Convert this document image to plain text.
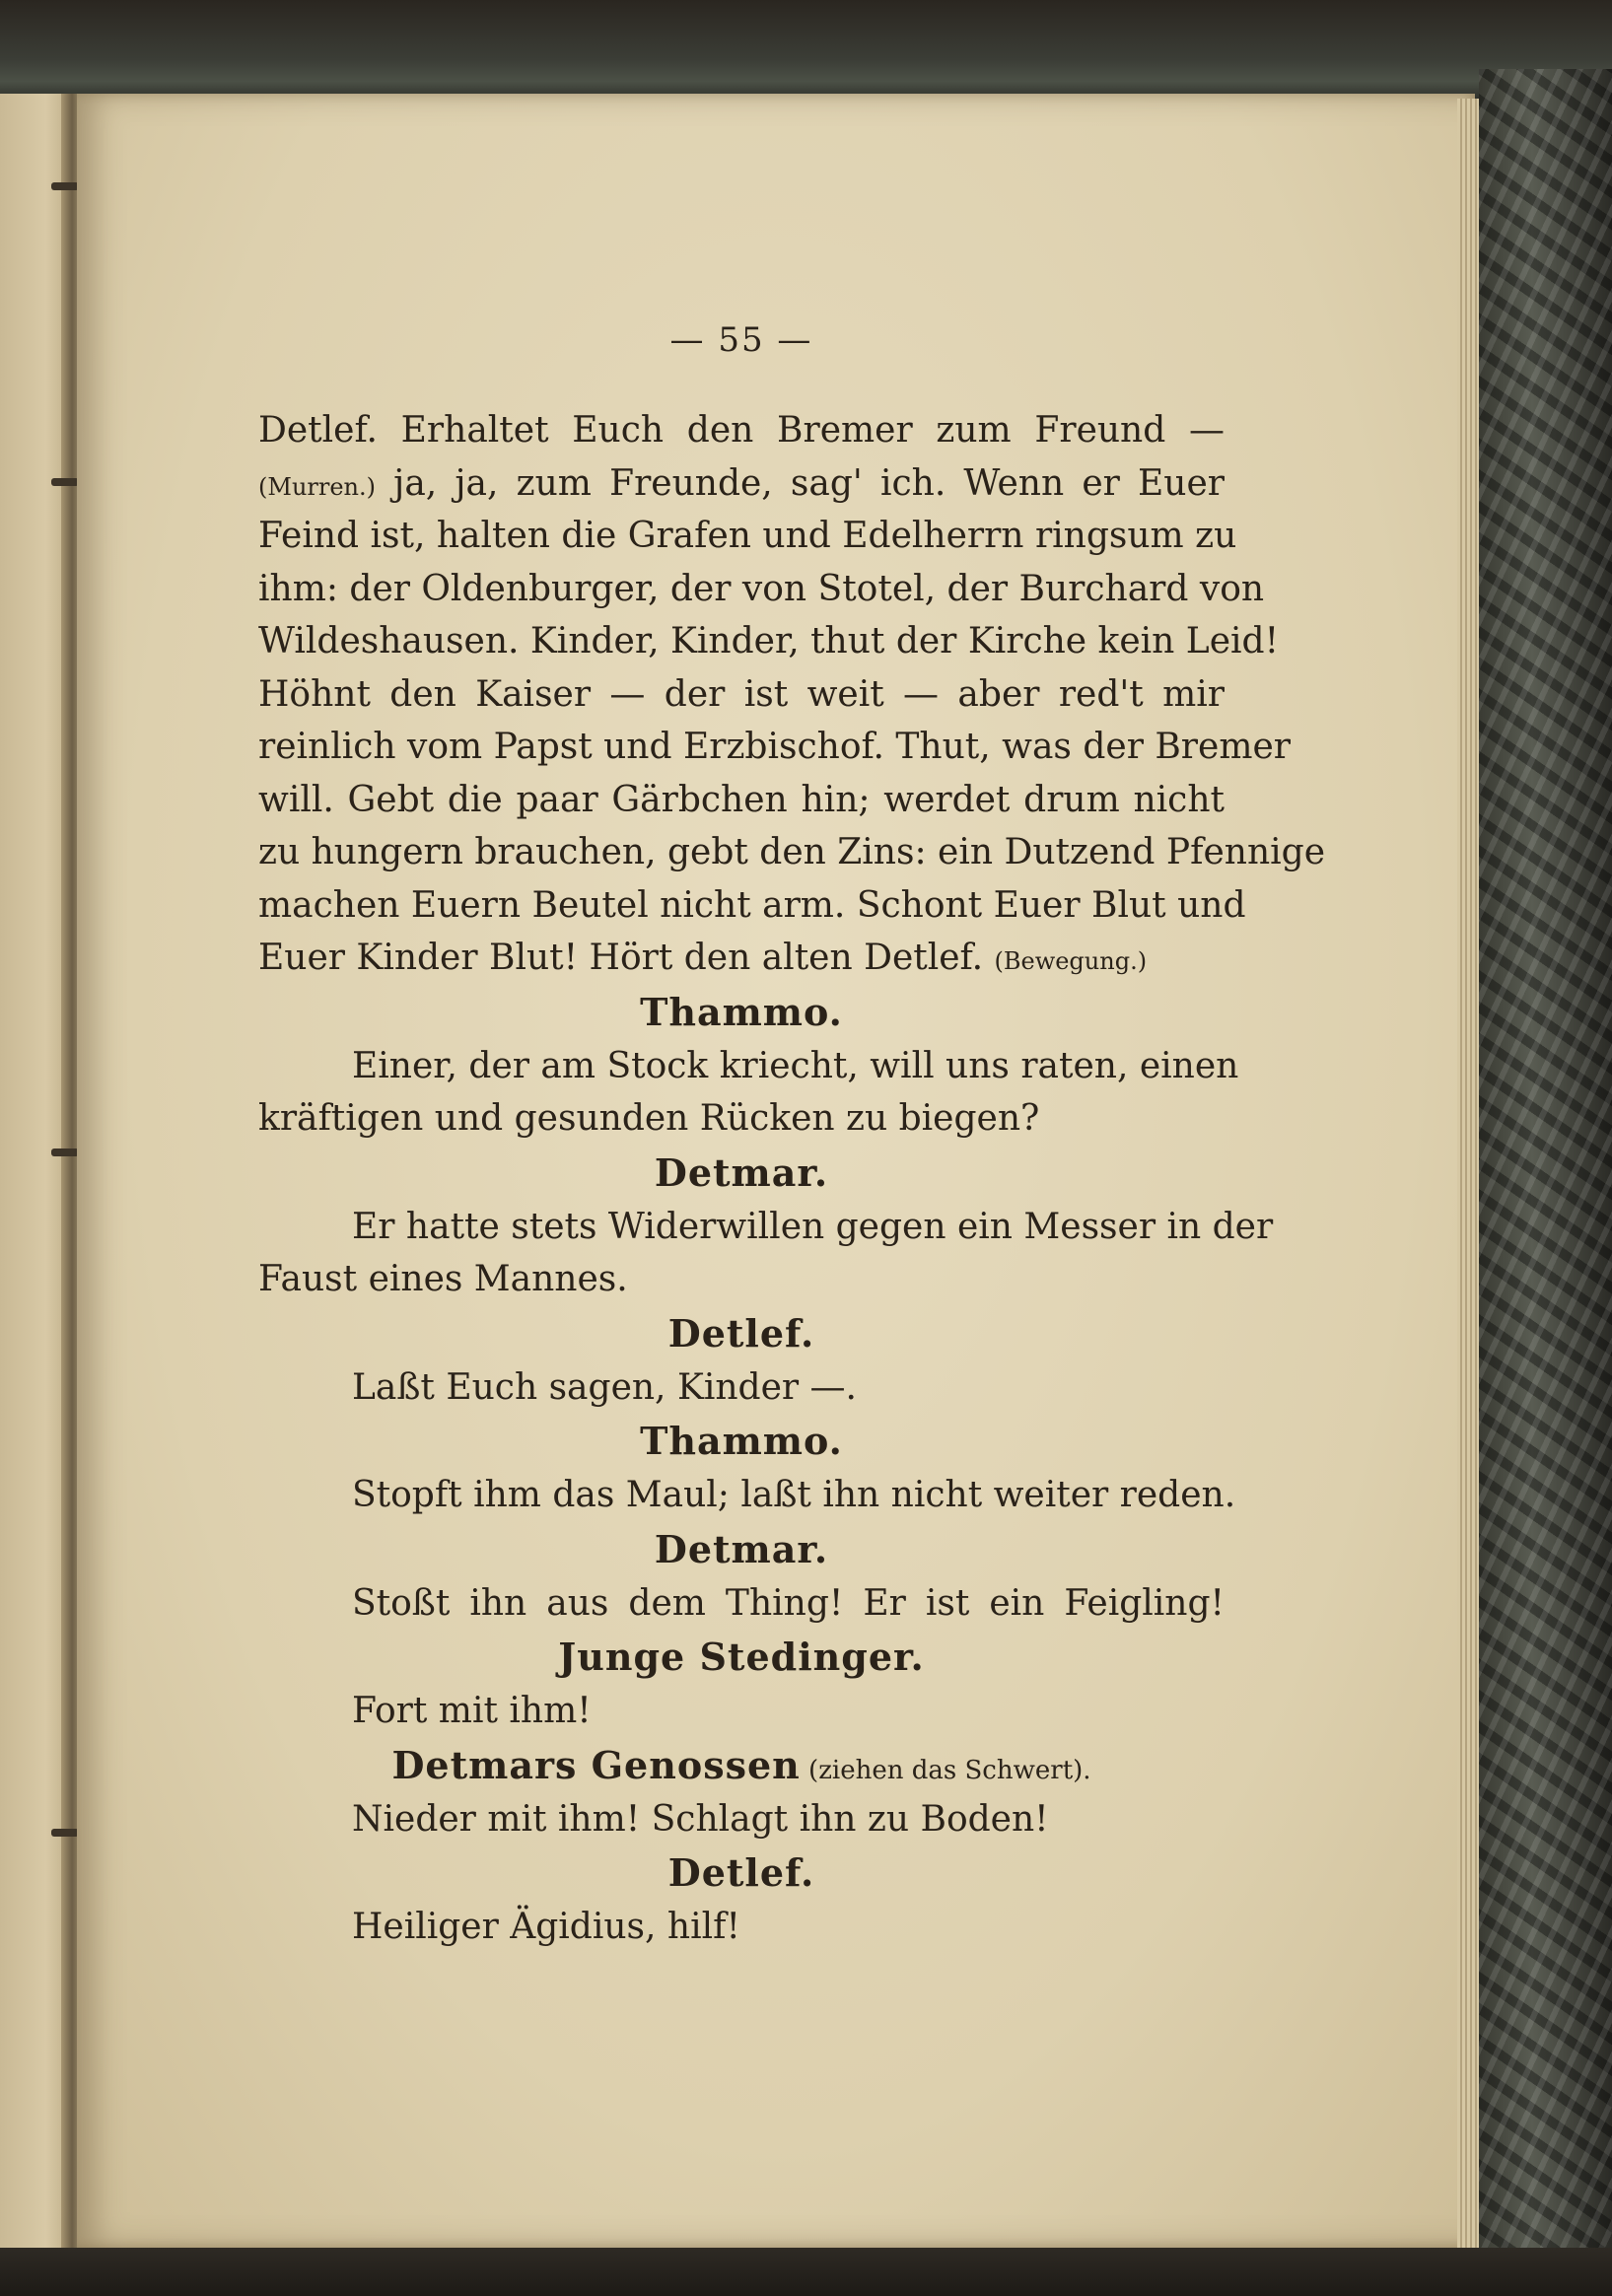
— 55 —
Detlef. Erhaltet Euch den Bremer zum Freund —
(Murren.) ja, ja, zum Freunde, sag' ich. Wenn er Euer
Feind ist, halten die Grafen und Edelherrn ringsum zu
ihm: der Oldenburger, der von Stotel, der Burchard von
Wildeshausen. Kinder, Kinder, thut der Kirche kein Leid!
Höhnt den Kaiser — der ist weit — aber red't mir
reinlich vom Papst und Erzbischof. Thut, was der Bremer
will. Gebt die paar Gärbchen hin; werdet drum nicht
zu hungern brauchen, gebt den Zins: ein Dutzend Pfennige
machen Euern Beutel nicht arm. Schont Euer Blut und
Euer Kinder Blut! Hört den alten Detlef. (Bewegung.)
Thammo.
Einer, der am Stock kriecht, will uns raten, einen
kräftigen und gesunden Rücken zu biegen?
Detmar.
Er hatte stets Widerwillen gegen ein Messer in der
Faust eines Mannes.
Detlef.
Laßt Euch sagen, Kinder —.
Thammo.
Stopft ihm das Maul; laßt ihn nicht weiter reden.
Detmar.
Stoßt ihn aus dem Thing! Er ist ein Feigling!
Junge Stedinger.
Fort mit ihm!
Detmars Genossen (ziehen das Schwert).
Nieder mit ihm! Schlagt ihn zu Boden!
Detlef.
Heiliger Ägidius, hilf!
